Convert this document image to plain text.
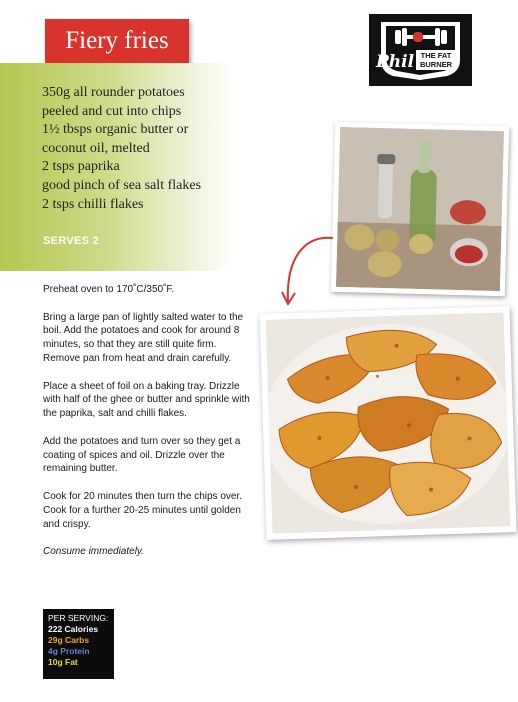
Fiery fries
Phil THE FAT
BURNER
350g all rounder potatoes
peeled and cut into chips
1½ tbsps organic butter or
coconut oil, melted
2 tsps paprika
good pinch of sea salt flakes
2 tsps chilli flakes
SERVES 2

Preheat oven to 170˚C/350˚F.

Bring a large pan of lightly salted water to the boil. Add the potatoes and cook for around 8 minutes, so that they are still quite firm. Remove pan from heat and drain carefully.

Place a sheet of foil on a baking tray. Drizzle with half of the ghee or butter and sprinkle with the paprika, salt and chilli flakes.

Add the potatoes and turn over so they get a coating of spices and oil. Drizzle over the remaining butter.

Cook for 20 minutes then turn the chips over. Cook for a further 20-25 minutes until golden and crispy.

Consume immediately.

PER SERVING:
222 Calories
29g Carbs
4g Protein
10g Fat
